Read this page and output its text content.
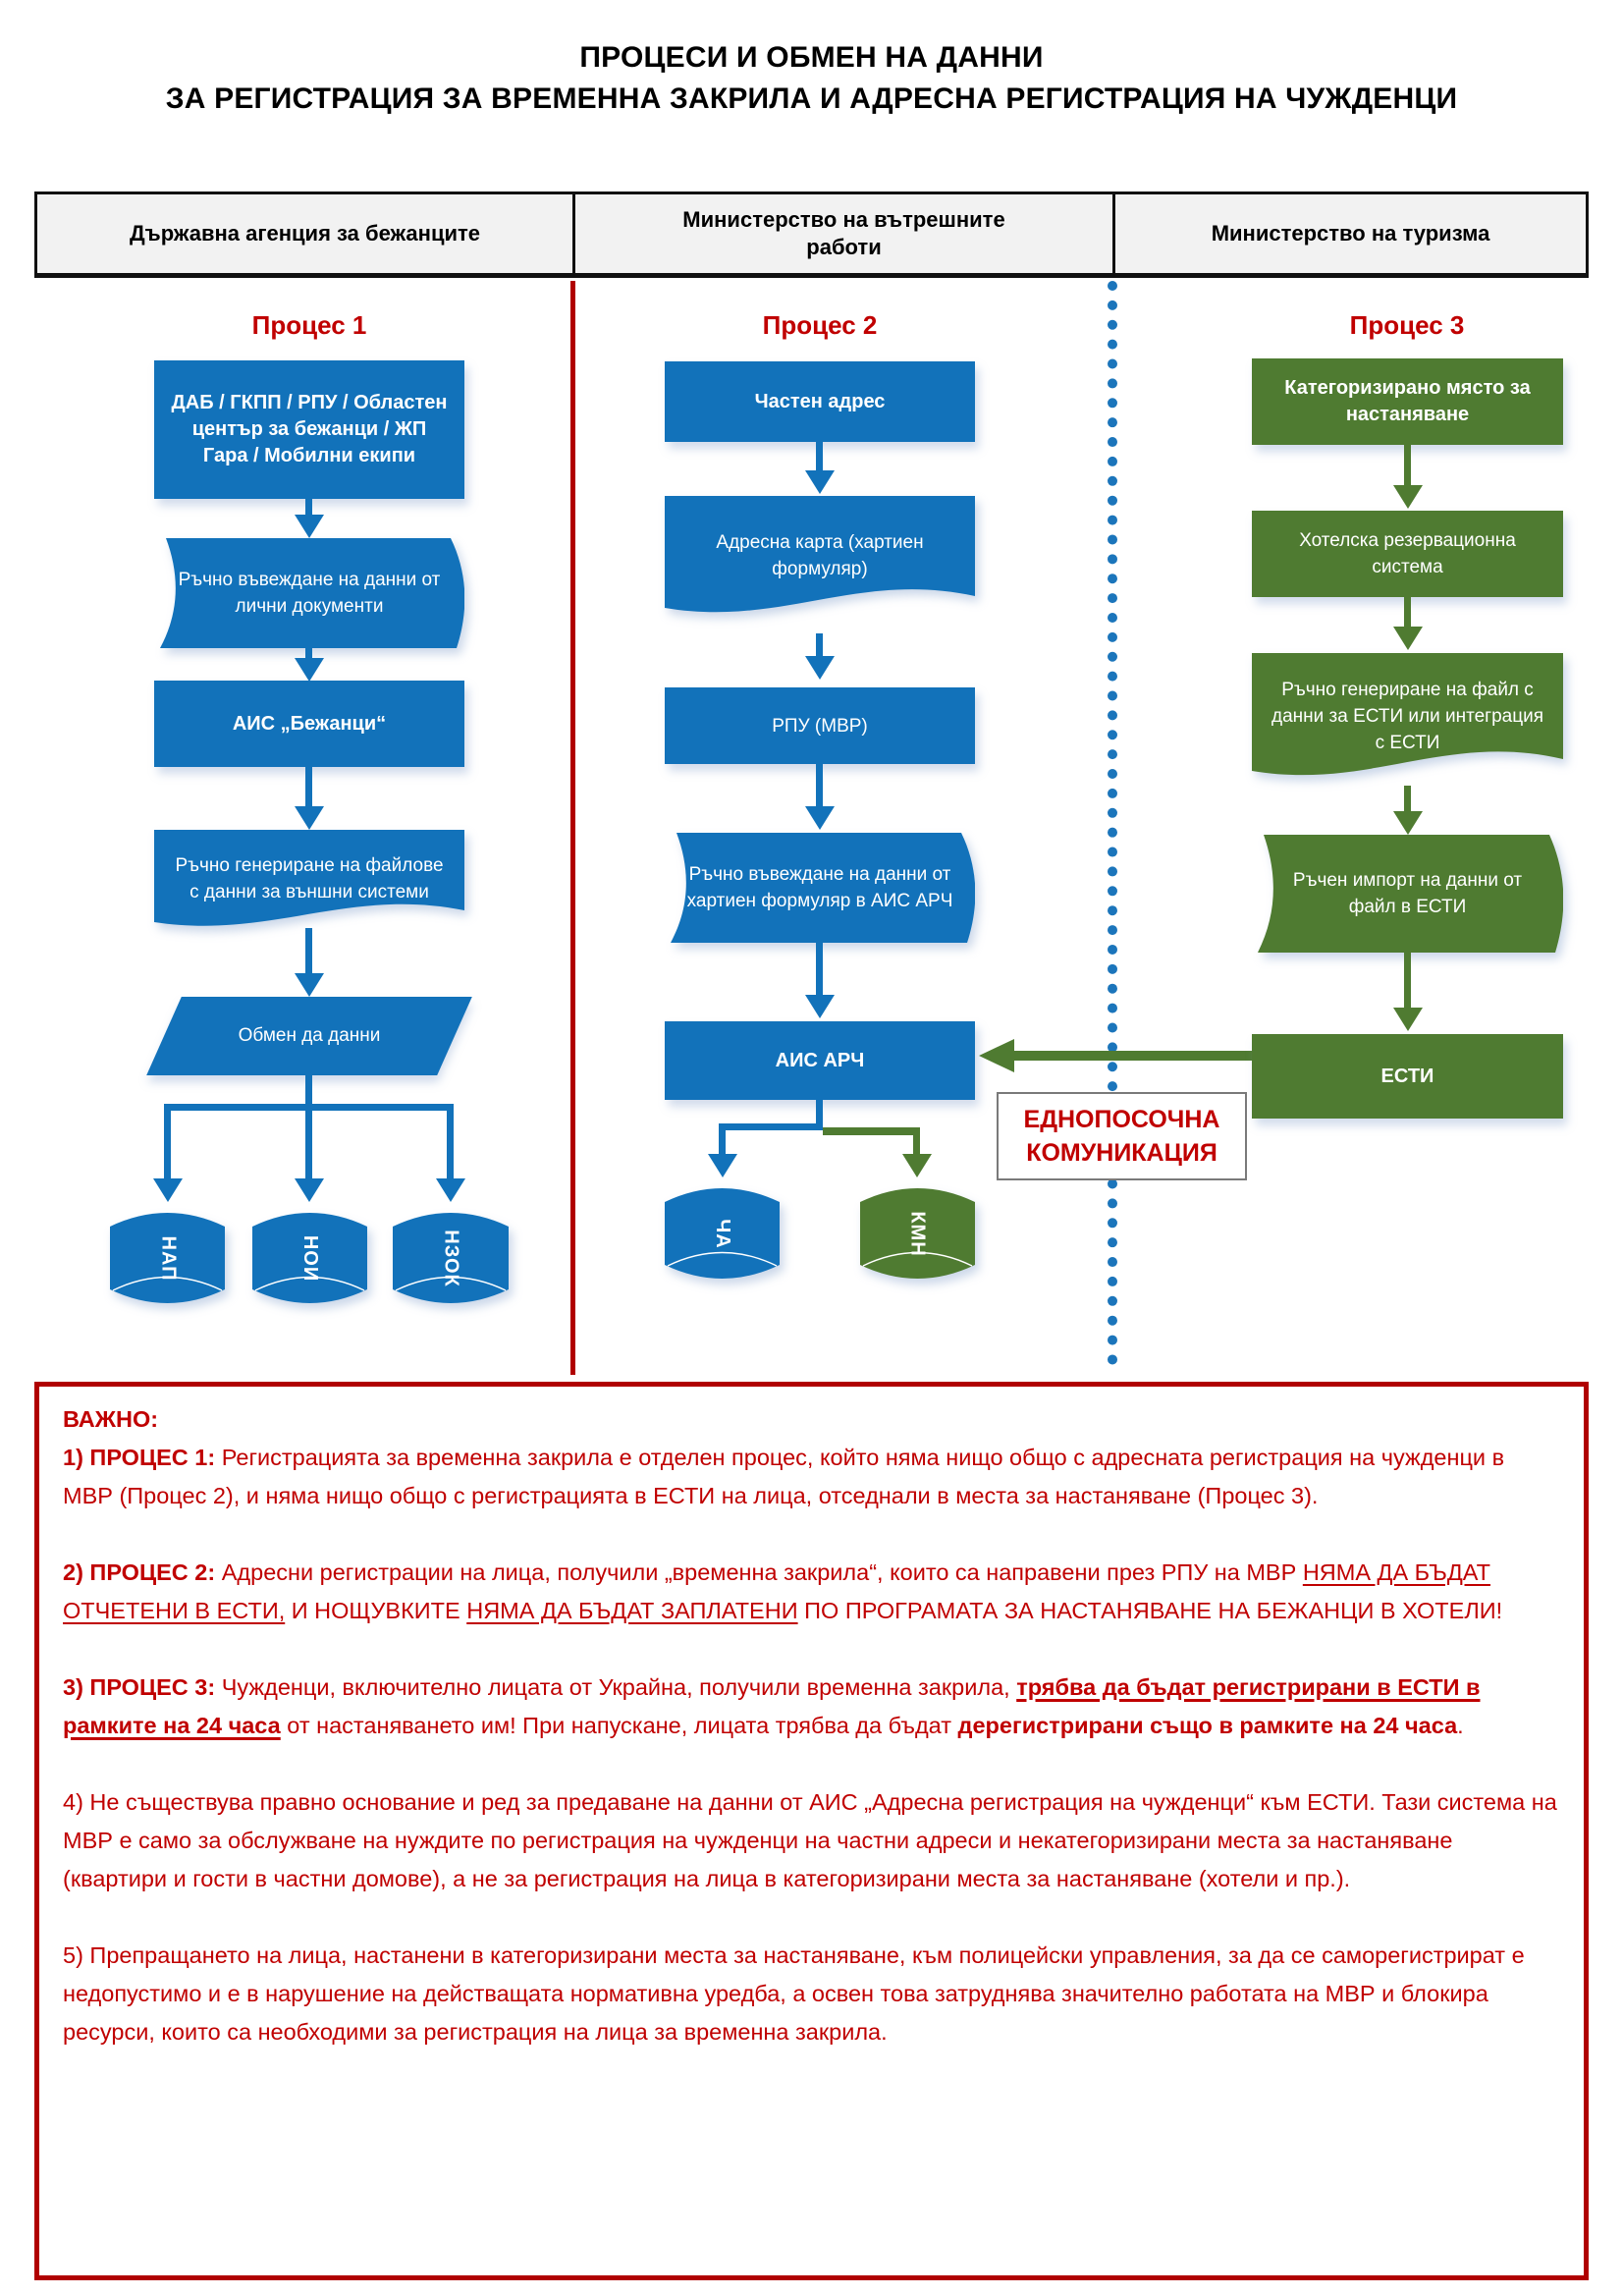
ПРОЦЕСИ И ОБМЕН НА ДАННИ
ЗА РЕГИСТРАЦИЯ ЗА ВРЕМЕННА ЗАКРИЛА И АДРЕСНА РЕГИСТРАЦИЯ НА ЧУЖДЕНЦИ
Държавна агенция за бежанците
Министерство на вътрешните работи
Министерство на туризма
Процес 1	Процес 2	Процес 3
ДАБ / ГКПП / РПУ / Областен център за бежанци / ЖП Гара / Мобилни екипи
Ръчно въвеждане на данни от лични документи
АИС „Бежанци“
Ръчно генериране на файлове с данни за външни системи
Обмен да данни
НАП	НОИ	НЗОК
Частен адрес
Адресна карта (хартиен формуляр)
РПУ (МВР)
Ръчно въвеждане на данни от хартиен формуляр в АИС АРЧ
АИС АРЧ
ЧА	КМН
ЕДНОПОСОЧНА КОМУНИКАЦИЯ
Категоризирано място за настаняване
Хотелска резервационна система
Ръчно генериране на файл с данни за ЕСТИ или интеграция с ЕСТИ
Ръчен импорт на данни от файл в ЕСТИ
ЕСТИ
ВАЖНО:

1) ПРОЦЕС 1: Регистрацията за временна закрила е отделен процес, който няма нищо общо с адресната регистрация на чужденци в МВР (Процес 2), и няма нищо общо с регистрацията в ЕСТИ на лица, отседнали в места за настаняване (Процес 3).

2) ПРОЦЕС 2: Адресни регистрации на лица, получили „временна закрила“, които са направени през РПУ на МВР НЯМА ДА БЪДАТ ОТЧЕТЕНИ В ЕСТИ, И НОЩУВКИТЕ НЯМА ДА БЪДАТ ЗАПЛАТЕНИ ПО ПРОГРАМАТА ЗА НАСТАНЯВАНЕ НА БЕЖАНЦИ В ХОТЕЛИ!

3) ПРОЦЕС 3: Чужденци, включително лицата от Украйна, получили временна закрила, трябва да бъдат регистрирани в ЕСТИ в рамките на 24 часа от настаняването им! При напускане, лицата трябва да бъдат дерегистрирани също в рамките на 24 часа.

4) Не съществува правно основание и ред за предаване на данни от АИС „Адресна регистрация на чужденци“ към ЕСТИ. Тази система на МВР е само за обслужване на нуждите по регистрация на чужденци на частни адреси и некатегоризирани места за настаняване (квартири и гости в частни домове), а не за регистрация на лица в категоризирани места за настаняване (хотели и пр.).

5) Препращането на лица, настанени в категоризирани места за настаняване, към полицейски управления, за да се саморегистрират е недопустимо и е в нарушение на действащата нормативна уредба, а освен това затруднява значително работата на МВР и блокира ресурси, които са необходими за регистрация на лица за временна закрила.
